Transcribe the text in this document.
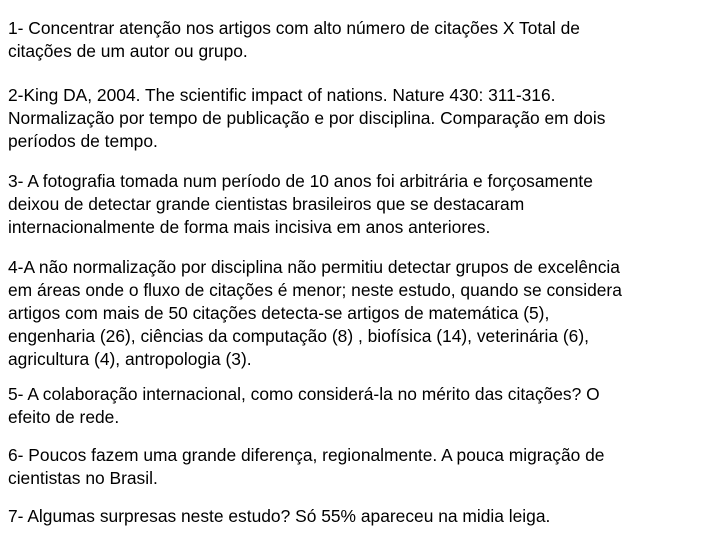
1- Concentrar atenção nos artigos com alto número de citações X Total de
citações de um autor ou grupo.

2-King DA, 2004. The scientific impact of nations. Nature 430: 311-316.
Normalização por tempo de publicação e por disciplina. Comparação em dois
períodos de tempo.

3- A fotografia tomada num período de 10 anos foi arbitrária e forçosamente
deixou de detectar grande cientistas brasileiros que se destacaram
internacionalmente de forma mais incisiva em anos anteriores.

4-A não normalização por disciplina não permitiu detectar grupos de excelência
em áreas onde o fluxo de citações é menor; neste estudo, quando se considera
artigos com mais de 50 citações detecta-se artigos de matemática (5),
engenharia (26), ciências da computação (8) , biofísica (14), veterinária (6),
agricultura (4), antropologia (3).

5- A colaboração internacional, como considerá-la no mérito das citações? O
efeito de rede.

6- Poucos fazem uma grande diferença, regionalmente. A pouca migração de
cientistas no Brasil.

7- Algumas surpresas neste estudo? Só 55% apareceu na midia leiga.
